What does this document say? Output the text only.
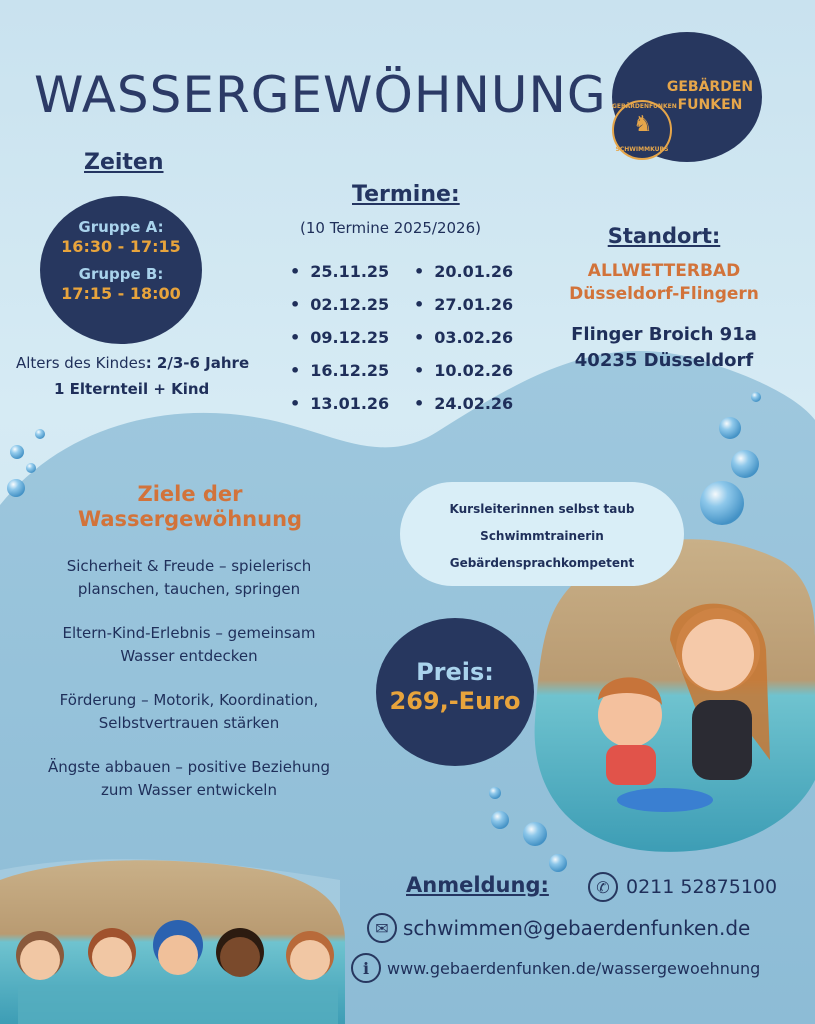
WASSERGEWÖHNUNG	GEBÄRDEN
FUNKEN
♞
GEBÄRDENFUNKEN
SCHWIMMKURS
Zeiten
Gruppe A:
16:30 - 17:15
Gruppe B:
17:15 - 18:00
Alters des Kindes: 2/3-6 Jahre
1 Elternteil + Kind
Termine:
(10 Termine 2025/2026)
• 25.11.25
• 02.12.25
• 09.12.25
• 16.12.25
• 13.01.26
• 20.01.26
• 27.01.26
• 03.02.26
• 10.02.26
• 24.02.26
Standort:
ALLWETTERBAD
Düsseldorf-Flingern
Flinger Broich 91a
40235 Düsseldorf
Ziele der
Wassergewöhnung
Sicherheit & Freude – spielerisch
planschen, tauchen, springen
Eltern-Kind-Erlebnis – gemeinsam
Wasser entdecken
Förderung – Motorik, Koordination,
Selbstvertrauen stärken
Ängste abbauen – positive Beziehung
zum Wasser entwickeln
Kursleiterinnen selbst taub
Schwimmtrainerin
Gebärdensprachkompetent
Preis:
269,-Euro
Anmeldung:	✆ 0211 52875100
✉ schwimmen@gebaerdenfunken.de
i	www.gebaerdenfunken.de/wassergewoehnung
